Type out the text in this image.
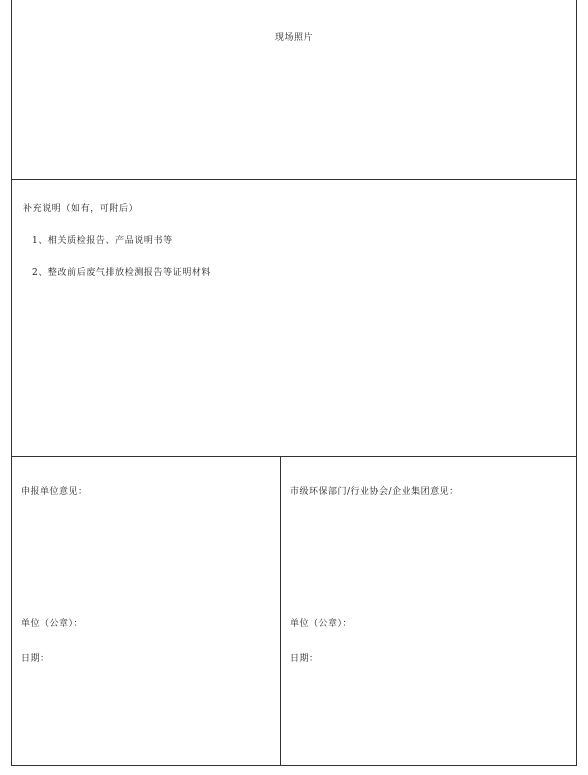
现场照片
补充说明（如有，可附后）
1、相关质检报告、产品说明书等
2、整改前后废气排放检测报告等证明材料
申报单位意见：
单位（公章）：
日期：
市级环保部门/行业协会/企业集团意见：
单位（公章）：
日期：
